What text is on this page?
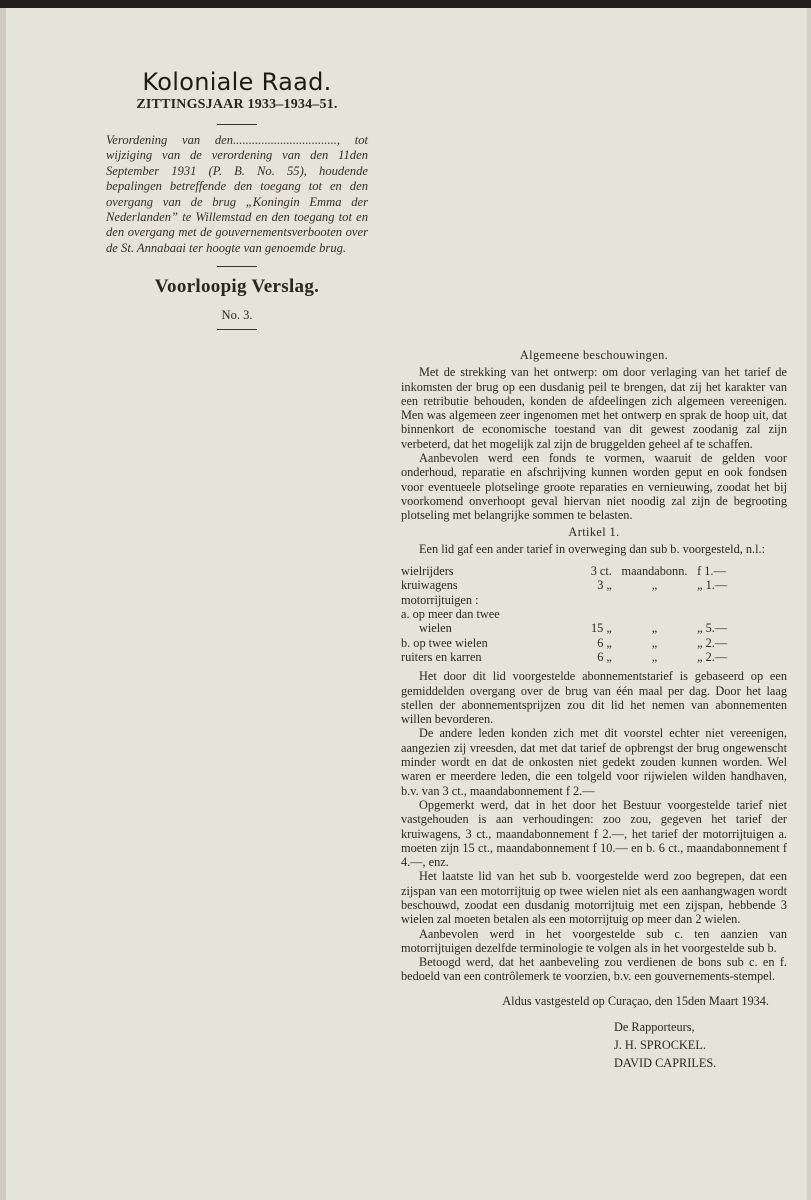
Koloniale Raad.

ZITTINGSJAAR 1933–1934–51.

Verordening van den................................., tot wijziging van de verordening van den 11den September 1931 (P. B. No. 55), houdende bepalingen betreffende den toegang tot en den overgang van de brug „Koningin Emma der Nederlanden” te Willemstad en den toegang tot en den overgang met de gouvernementsverbooten over de St. Annabaai ter hoogte van genoemde brug.

Voorloopig Verslag.

No. 3.

Algemeene beschouwingen.

Met de strekking van het ontwerp: om door verlaging van het tarief de inkomsten der brug op een dusdanig peil te brengen, dat zij het karakter van een retributie behouden, konden de afdeelingen zich algemeen vereenigen. Men was algemeen zeer ingenomen met het ontwerp en sprak de hoop uit, dat binnenkort de economische toestand van dit gewest zoodanig zal zijn verbeterd, dat het mogelijk zal zijn de bruggelden geheel af te schaffen.

Aanbevolen werd een fonds te vormen, waaruit de gelden voor onderhoud, reparatie en afschrijving kunnen worden geput en ook fondsen voor eventueele plotselinge groote reparaties en vernieuwing, zoodat het bij voorkomend onverhoopt geval hiervan niet noodig zal zijn de begrooting plotseling met belangrijke sommen te belasten.

Artikel 1.

Een lid gaf een ander tarief in overweging dan sub b. voorgesteld, n.l.:

wielrijders	3 ct.	maandabonn.	f 1.—
kruiwagens	3 „	„	„ 1.—
motorrijtuigen :			
a. op meer dan twee			
wielen	15 „	„	„ 5.—
b. op twee wielen	6 „	„	„ 2.—
ruiters en karren	6 „	„	„ 2.—

Het door dit lid voorgestelde abonnementstarief is gebaseerd op een gemiddelden overgang over de brug van één maal per dag. Door het laag stellen der abonnementsprijzen zou dit lid het nemen van abonnementen willen bevorderen.

De andere leden konden zich met dit voorstel echter niet vereenigen, aangezien zij vreesden, dat met dat tarief de opbrengst der brug ongewenscht minder wordt en dat de onkosten niet gedekt zouden kunnen worden. Wel waren er meerdere leden, die een tolgeld voor rijwielen wilden handhaven, b.v. van 3 ct., maandabonnement f 2.—

Opgemerkt werd, dat in het door het Bestuur voorgestelde tarief niet vastgehouden is aan verhoudingen: zoo zou, gegeven het tarief der kruiwagens, 3 ct., maandabonnement f 2.—, het tarief der motorrijtuigen a. moeten zijn 15 ct., maandabonnement f 10.— en b. 6 ct., maandabonnement f 4.—, enz.

Het laatste lid van het sub b. voorgestelde werd zoo begrepen, dat een zijspan van een motorrijtuig op twee wielen niet als een aanhangwagen wordt beschouwd, zoodat een dusdanig motorrijtuig met een zijspan, hebbende 3 wielen zal moeten betalen als een motorrijtuig op meer dan 2 wielen.

Aanbevolen werd in het voorgestelde sub c. ten aanzien van motorrijtuigen dezelfde terminologie te volgen als in het voorgestelde sub b.

Betoogd werd, dat het aanbeveling zou verdienen de bons sub c. en f. bedoeld van een contrôlemerk te voorzien, b.v. een gouvernements-stempel.

Aldus vastgesteld op Curaçao, den 15den Maart 1934.

De Rapporteurs,

J. H. SPROCKEL.

DAVID CAPRILES.
